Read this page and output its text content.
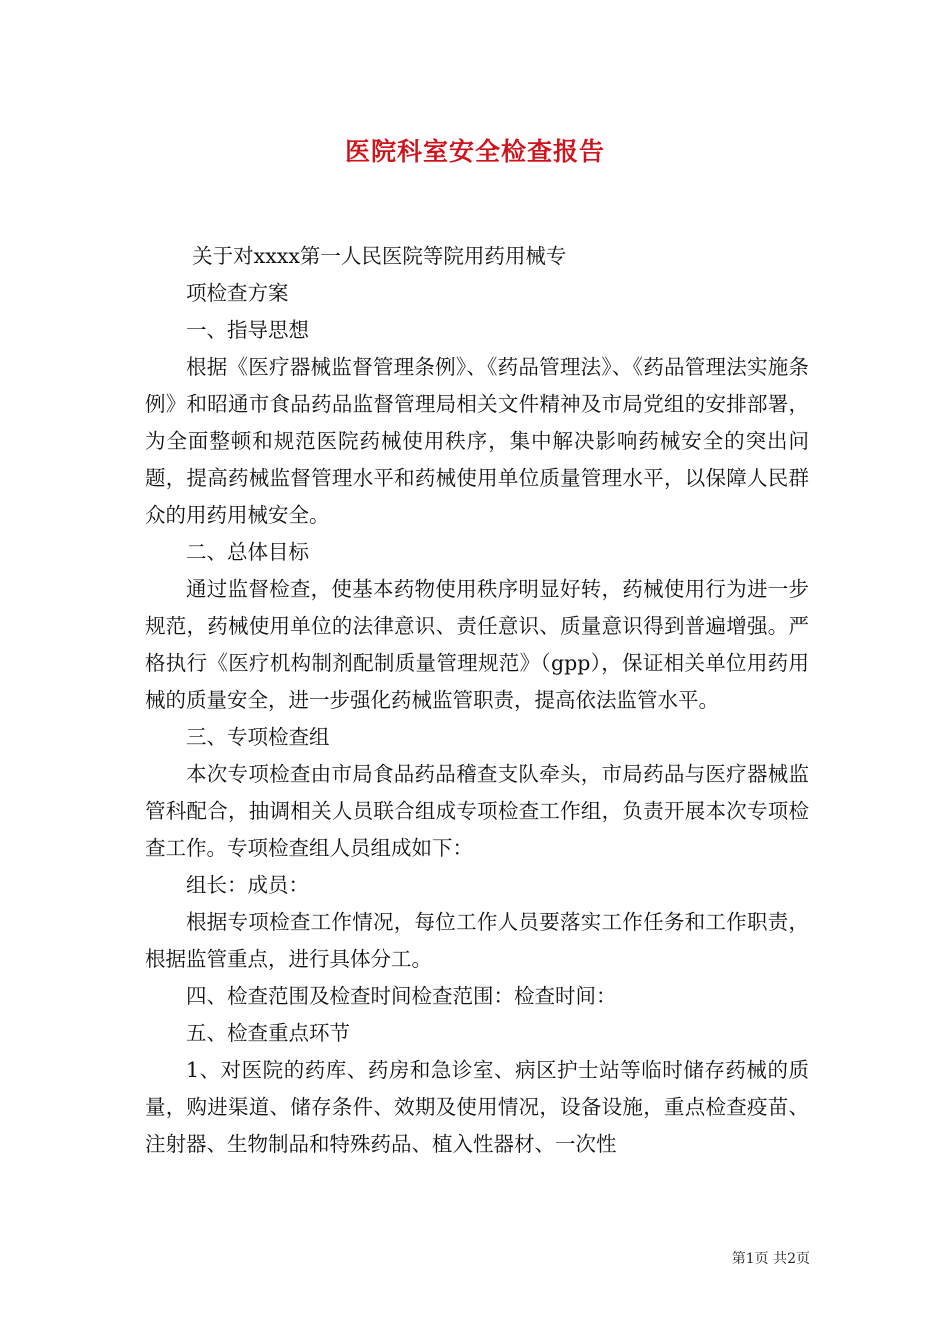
医院科室安全检查报告

关于对xxxx第一人民医院等院用药用械专

项检查方案

一、指导思想

根据《医疗器械监督管理条例》、《药品管理法》、《药品管理法实施条例》和昭通市食品药品监督管理局相关文件精神及市局党组的安排部署，为全面整顿和规范医院药械使用秩序，集中解决影响药械安全的突出问题，提高药械监督管理水平和药械使用单位质量管理水平，以保障人民群众的用药用械安全。

二、总体目标

通过监督检查，使基本药物使用秩序明显好转，药械使用行为进一步规范，药械使用单位的法律意识、责任意识、质量意识得到普遍增强。严格执行《医疗机构制剂配制质量管理规范》（gpp），保证相关单位用药用械的质量安全，进一步强化药械监管职责，提高依法监管水平。

三、专项检查组

本次专项检查由市局食品药品稽查支队牵头，市局药品与医疗器械监管科配合，抽调相关人员联合组成专项检查工作组，负责开展本次专项检查工作。专项检查组人员组成如下：

组长：成员：

根据专项检查工作情况，每位工作人员要落实工作任务和工作职责，根据监管重点，进行具体分工。

四、检查范围及检查时间检查范围：检查时间：

五、检查重点环节

1、对医院的药库、药房和急诊室、病区护士站等临时储存药械的质量，购进渠道、储存条件、效期及使用情况，设备设施，重点检查疫苗、注射器、生物制品和特殊药品、植入性器材、一次性

第1页 共2页
